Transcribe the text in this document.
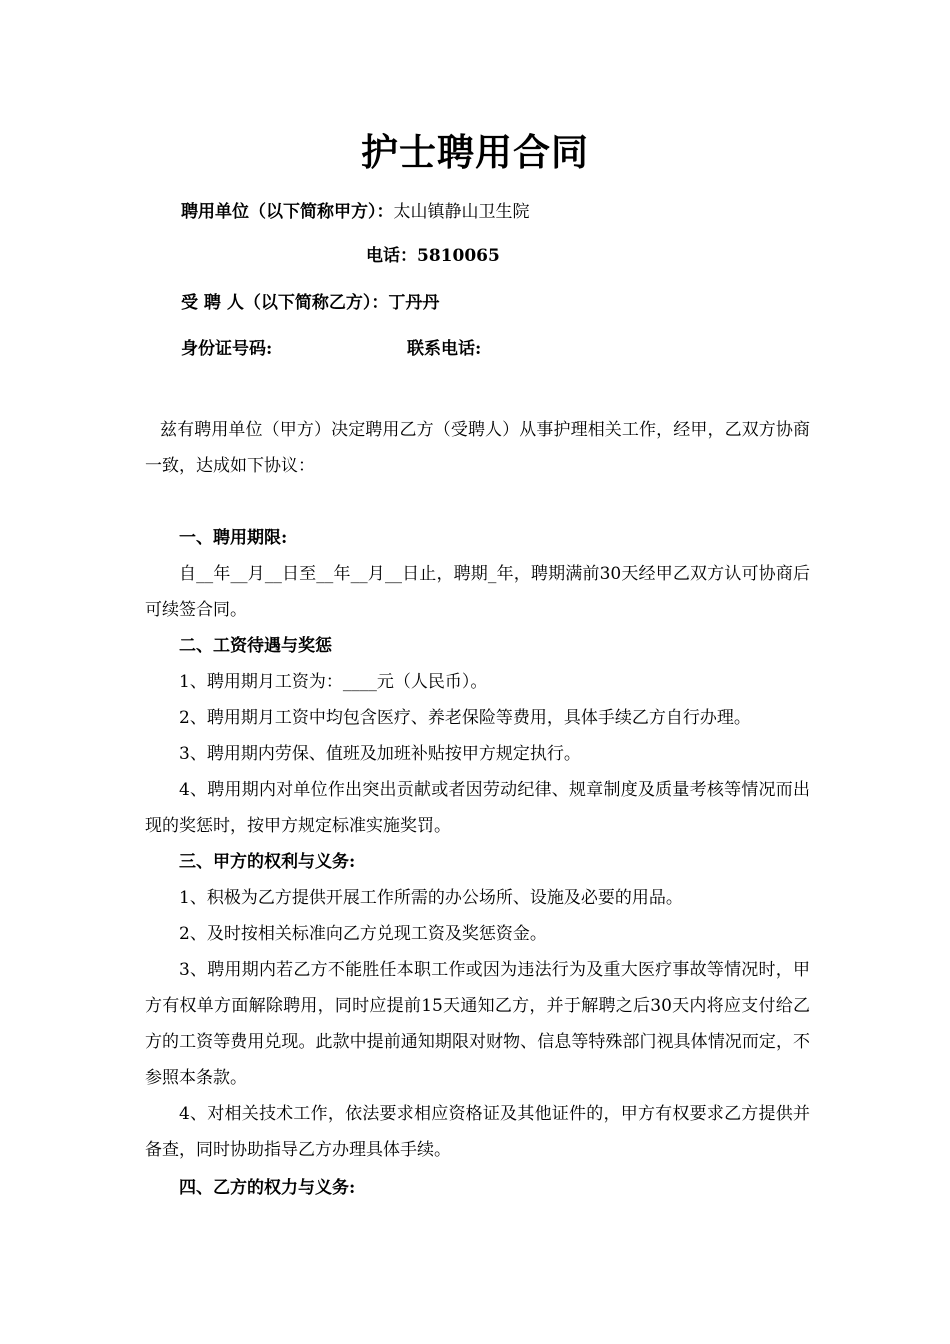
护士聘用合同
聘用单位（以下简称甲方）：太山镇静山卫生院
电话：5810065
受 聘 人（以下简称乙方）：丁丹丹
身份证号码:	联系电话:
兹有聘用单位（甲方）决定聘用乙方（受聘人）从事护理相关工作，经甲，乙双方协商一致，达成如下协议：
一、聘用期限:
自__年__月__日至__年__月__日止，聘期_年，聘期满前30天经甲乙双方认可协商后可续签合同。
二、工资待遇与奖惩
1、聘用期月工资为：____元（人民币）。
2、聘用期月工资中均包含医疗、养老保险等费用，具体手续乙方自行办理。
3、聘用期内劳保、值班及加班补贴按甲方规定执行。
4、聘用期内对单位作出突出贡献或者因劳动纪律、规章制度及质量考核等情况而出现的奖惩时，按甲方规定标准实施奖罚。
三、甲方的权利与义务:
1、积极为乙方提供开展工作所需的办公场所、设施及必要的用品。
2、及时按相关标准向乙方兑现工资及奖惩资金。
3、聘用期内若乙方不能胜任本职工作或因为违法行为及重大医疗事故等情况时，甲方有权单方面解除聘用，同时应提前15天通知乙方，并于解聘之后30天内将应支付给乙方的工资等费用兑现。此款中提前通知期限对财物、信息等特殊部门视具体情况而定，不参照本条款。
4、对相关技术工作，依法要求相应资格证及其他证件的，甲方有权要求乙方提供并备查，同时协助指导乙方办理具体手续。
四、乙方的权力与义务:
